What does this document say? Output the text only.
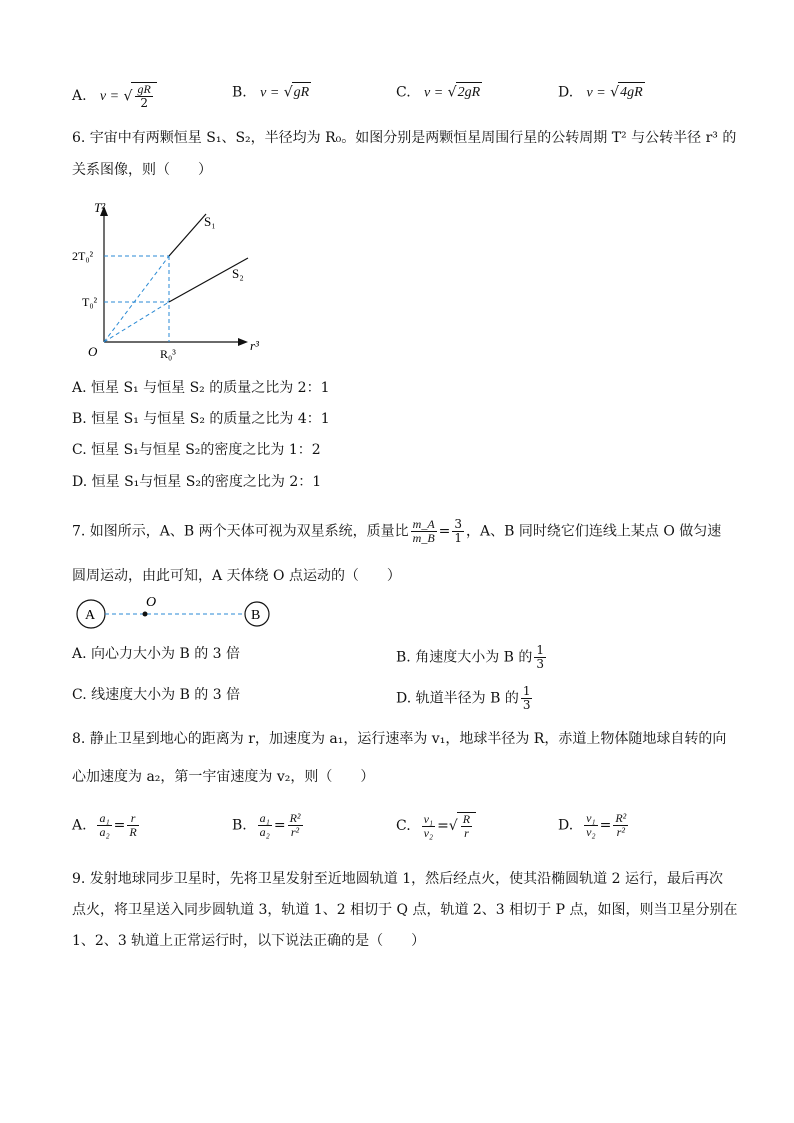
A. v = √ $\frac{gR}{2}$	B. v = √gR	C. v = √2gR	D. v = √4gR
6. 宇宙中有两颗恒星 S₁、S₂，半径均为 R₀。如图分别是两颗恒星周围行星的公转周期 T² 与公转半径 r³ 的
关系图像，则（　　）
T²
r³
O
2T₀²
T₀²
R₀³
S₁
S₂
A. 恒星 S₁ 与恒星 S₂ 的质量之比为 2：1
B. 恒星 S₁ 与恒星 S₂ 的质量之比为 4：1
C. 恒星 S₁与恒星 S₂的密度之比为 1：2
D. 恒星 S₁与恒星 S₂的密度之比为 2：1
7. 如图所示，A、B 两个天体可视为双星系统，质量比 $\frac{m\_A}{m\_B} = \frac{3}{1}$ ，A、B 同时绕它们连线上某点 O 做匀速
圆周运动，由此可知，A 天体绕 O 点运动的（　　）
A	B
O
A. 向心力大小为 B 的 3 倍	B. 角速度大小为 B 的 $\frac{1}{3}$
C. 线速度大小为 B 的 3 倍	D. 轨道半径为 B 的 $\frac{1}{3}$
8. 静止卫星到地心的距离为 r，加速度为 a₁，运行速率为 v₁，地球半径为 R，赤道上物体随地球自转的向
心加速度为 a₂，第一宇宙速度为 v₂，则（　　）
A. $\frac{\text{a₁}}{\text{a₂}} = \frac{r}{R}$	B. $\frac{\text{a₁}}{\text{a₂}} = \frac{\text{R²}}{\text{r²}}$	C. $\frac{\text{v₁}}{\text{v₂}}$ =√ $\frac{R}{r}$	D. $\frac{\text{v₁}}{\text{v₂}} = \frac{\text{R²}}{\text{r²}}$
9. 发射地球同步卫星时，先将卫星发射至近地圆轨道 1，然后经点火，使其沿椭圆轨道 2 运行，最后再次
点火，将卫星送入同步圆轨道 3，轨道 1、2 相切于 Q 点，轨道 2、3 相切于 P 点，如图，则当卫星分别在
1、2、3 轨道上正常运行时，以下说法正确的是（　　）
